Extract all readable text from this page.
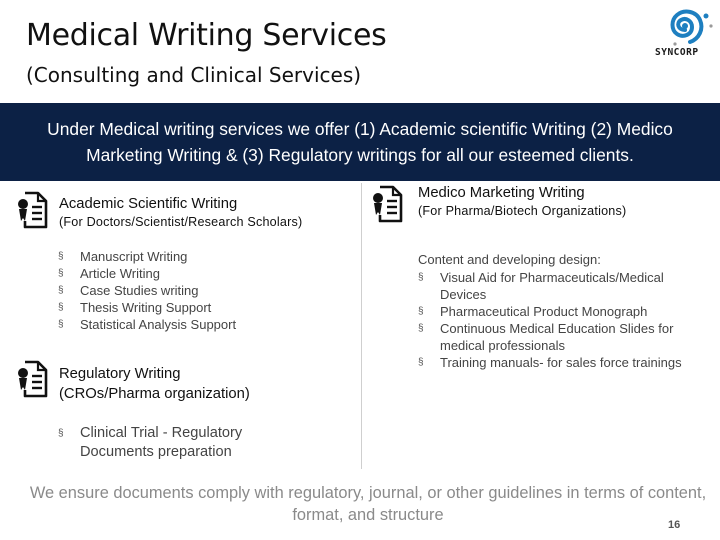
Medical Writing Services
(Consulting and Clinical Services)
SYNCORP
Under Medical writing services we offer (1) Academic scientific Writing (2) Medico Marketing Writing & (3) Regulatory writings for all our esteemed clients.
Academic Scientific Writing
(For Doctors/Scientist/Research Scholars)
§ Manuscript Writing
§ Article Writing
§ Case Studies writing
§ Thesis Writing Support
§ Statistical Analysis Support
Regulatory Writing
(CROs/Pharma organization)
§ Clinical Trial - Regulatory Documents preparation
Medico Marketing Writing
(For Pharma/Biotech Organizations)
Content and developing design:
§ Visual Aid for Pharmaceuticals/Medical Devices
§ Pharmaceutical Product Monograph
§ Continuous Medical Education Slides for medical professionals
§ Training manuals- for sales force trainings
We ensure documents comply with regulatory, journal, or other guidelines in terms of content, format, and structure
16
